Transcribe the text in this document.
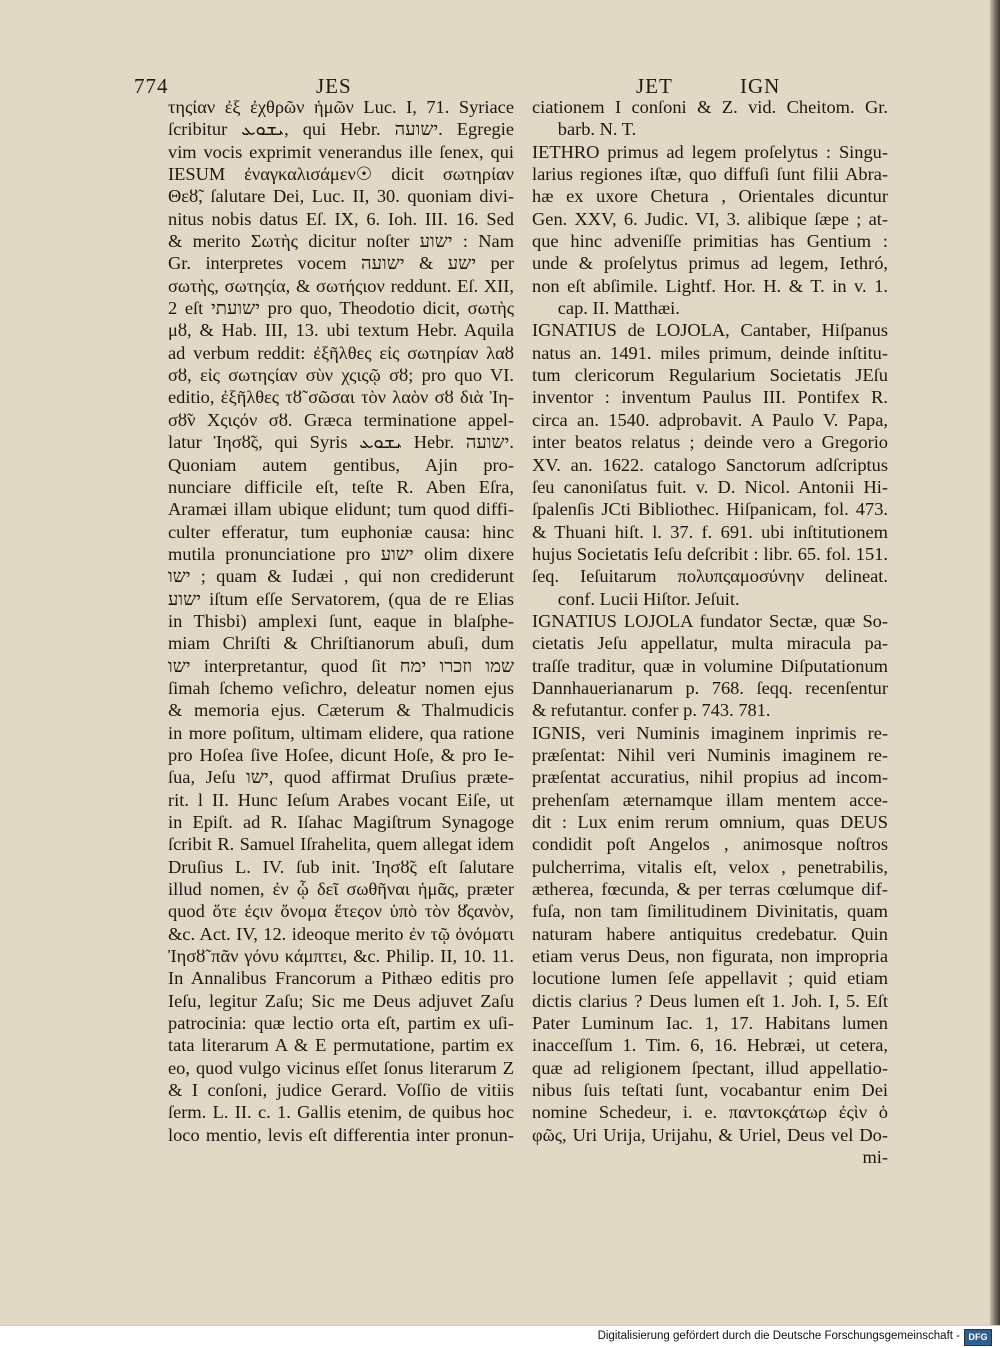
774	JES	JET	IGN
τηςίαν ἐξ ἐχθρῶν ἡμῶν Luc. I, 71. Syriace
ſcribitur ܝܫܘܥ, qui Hebr. ישועה. Egregie
vim vocis exprimit venerandus ille ſenex, qui
IESUM ἐναγκαλισάμεν☉ dicit σωτηρίαν
Θεȣ̃, ſalutare Dei, Luc. II, 30. quoniam divi-
nitus nobis datus Eſ. IX, 6. Ioh. III. 16. Sed
& merito Σωτὴς dicitur noſter ישוע : Nam
Gr. interpretes vocem ישע & ישועה per
σωτὴς, σωτηςία, & σωτήςιον reddunt. Eſ. XII,
2 eſt ישועתי pro quo, Theodotio dicit, σωτὴς
μȣ, & Hab. III, 13. ubi textum Hebr. Aquila
ad verbum reddit: ἐξῆλθες εἰς σωτηρίαν λαȣ̃
σȣ, εἰς σωτηςίαν σὺν χςιςῷ σȣ; pro quo VI.
editio, ἐξῆλθες τȣ̃ σῶσαι τὸν λαὸν σȣ διὰ Ἰη-
σȣ̃ν Χςιςόν σȣ. Græca terminatione appel-
latur Ἰησȣ̃ς, qui Syris ܝܫܘܥ Hebr. ישועה.
Quoniam autem gentibus, Ajin pro-
nunciare difficile eſt, teſte R. Aben Eſra,
Aramæi illam ubique elidunt; tum quod diffi-
culter efferatur, tum euphoniæ causa: hinc
mutila pronunciatione pro ישוע olim dixere
ישו ; quam & Iudæi , qui non crediderunt
ישוע iſtum eſſe Servatorem, (qua de re Elias
in Thisbi) amplexi ſunt, eaque in blaſphe-
miam Chriſti & Chriſtianorum abuſi, dum
ישו interpretantur, quod ſit שמו וזכרו ימח
ſimah ſchemo veſichro, deleatur nomen ejus
& memoria ejus. Cæterum & Thalmudicis
in more poſitum, ultimam elidere, qua ratione
pro Hoſea ſive Hoſee, dicunt Hoſe, & pro Ie-
ſua, Jeſu ישו, quod affirmat Druſius præte-
rit. l II. Hunc Ieſum Arabes vocant Eiſe, ut
in Epiſt. ad R. Iſahac Magiſtrum Synagoge
ſcribit R. Samuel Iſrahelita, quem allegat idem
Druſius L. IV. ſub init. Ἰησȣ̃ς eſt ſalutare
illud nomen, ἐν ᾧ δεῖ σωθῆναι ἡμᾶς, præter
quod ὅτε ἐςιν ὄνομα ἕτεςον ὑπὸ τὸν ȣ̓ςανὸν,
&c. Act. IV, 12. ideoque merito ἐν τῷ ὀνόματι
Ἰησȣ̃ πᾶν γόνυ κάμπτει, &c. Philip. II, 10. 11.
In Annalibus Francorum a Pithæo editis pro
Ieſu, legitur Zaſu; Sic me Deus adjuvet Zaſu
patrocinia: quæ lectio orta eſt, partim ex uſi-
tata literarum A & E permutatione, partim ex
eo, quod vulgo vicinus eſſet ſonus literarum Z
& I conſoni, judice Gerard. Voſſio de vitiis
ſerm. L. II. c. 1. Gallis etenim, de quibus hoc
loco mentio, levis eſt differentia inter pronun-
ciationem I conſoni & Z. vid. Cheitom. Gr.
barb. N. T.
IETHRO primus ad legem proſelytus : Singu-
larius regiones iſtæ, quo diffuſi ſunt filii Abra-
hæ ex uxore Chetura , Orientales dicuntur
Gen. XXV, 6. Judic. VI, 3. alibique ſæpe ; at-
que hinc adveniſſe primitias has Gentium :
unde & proſelytus primus ad legem, Iethró,
non eſt abſimile. Lightf. Hor. H. & T. in v. 1.
cap. II. Matthæi.
IGNATIUS de LOJOLA, Cantaber, Hiſpanus
natus an. 1491. miles primum, deinde inſtitu-
tum clericorum Regularium Societatis JEſu
inventor : inventum Paulus III. Pontifex R.
circa an. 1540. adprobavit. A Paulo V. Papa,
inter beatos relatus ; deinde vero a Gregorio
XV. an. 1622. catalogo Sanctorum adſcriptus
ſeu canoniſatus fuit. v. D. Nicol. Antonii Hi-
ſpalenſis JCti Bibliothec. Hiſpanicam, fol. 473.
& Thuani hiſt. l. 37. f. 691. ubi inſtitutionem
hujus Societatis Ieſu deſcribit : libr. 65. fol. 151.
ſeq. Ieſuitarum πολυπςαμοσύνην delineat.
conf. Lucii Hiſtor. Jeſuit.
IGNATIUS LOJOLA fundator Sectæ, quæ So-
cietatis Jeſu appellatur, multa miracula pa-
traſſe traditur, quæ in volumine Diſputationum
Dannhauerianarum p. 768. ſeqq. recenſentur
& refutantur. confer p. 743. 781.
IGNIS, veri Numinis imaginem inprimis re-
præſentat: Nihil veri Numinis imaginem re-
præſentat accuratius, nihil propius ad incom-
prehenſam æternamque illam mentem acce-
dit : Lux enim rerum omnium, quas DEUS
condidit poſt Angelos , animosque noſtros
pulcherrima, vitalis eſt, velox , penetrabilis,
ætherea, fœcunda, & per terras cœlumque dif-
fuſa, non tam ſimilitudinem Divinitatis, quam
naturam habere antiquitus credebatur. Quin
etiam verus Deus, non figurata, non impropria
locutione lumen ſeſe appellavit ; quid etiam
dictis clarius ? Deus lumen eſt 1. Joh. I, 5. Eſt
Pater Luminum Iac. 1, 17. Habitans lumen
inacceſſum 1. Tim. 6, 16. Hebræi, ut cetera,
quæ ad religionem ſpectant, illud appellatio-
nibus ſuis teſtati ſunt, vocabantur enim Dei
nomine Schedeur, i. e. παντοκςάτωρ ἐςὶν ὁ
φῶς, Uri Urija, Urijahu, & Uriel, Deus vel Do-
mi-
Digitalisierung gefördert durch die Deutsche Forschungsgemeinschaft - DFG
